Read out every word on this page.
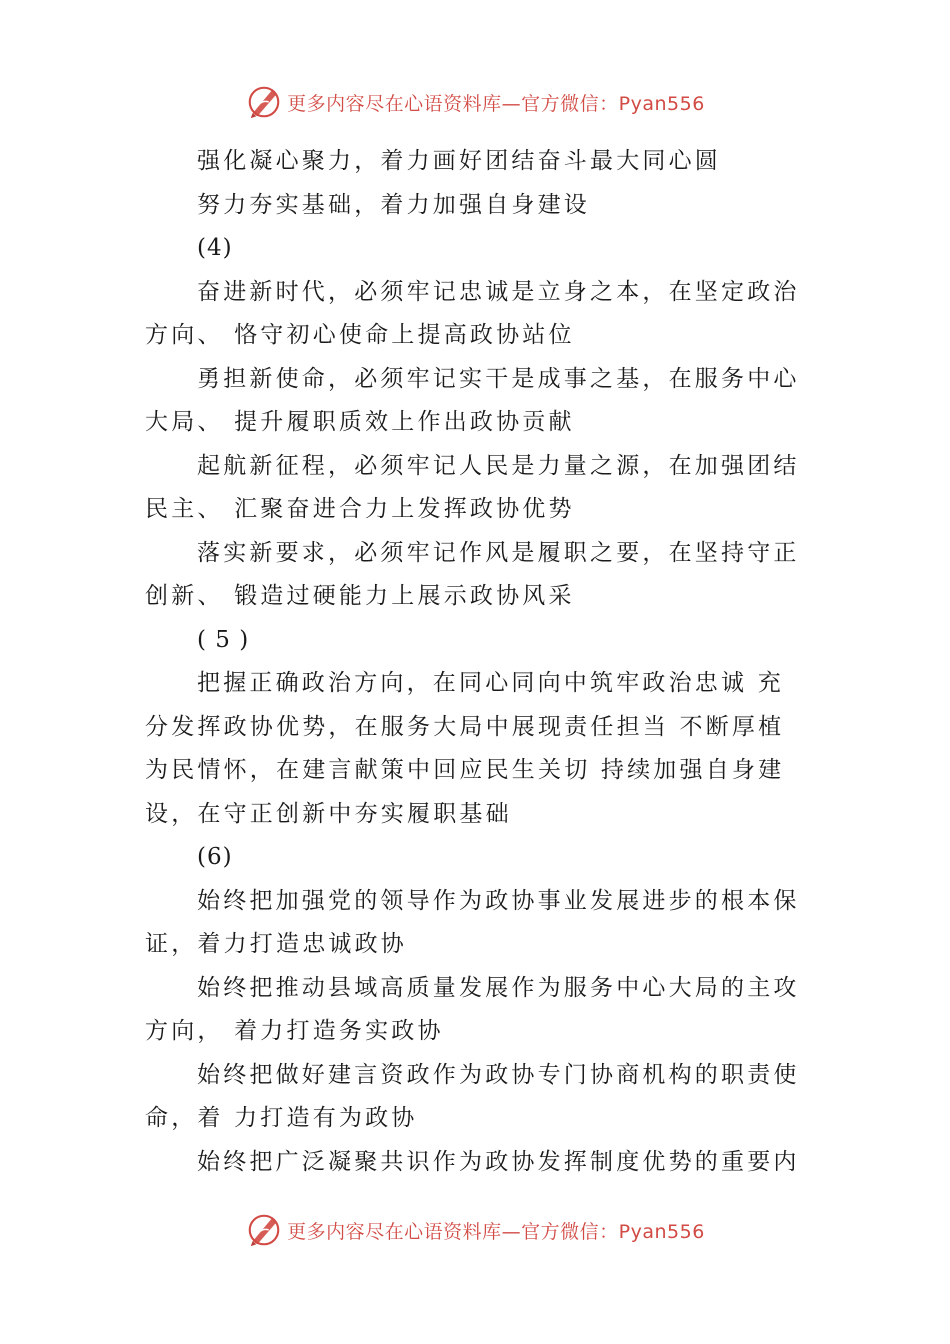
更多内容尽在心语资料库—官方微信：Pyan556

强化凝心聚力，着力画好团结奋斗最大同心圆

努力夯实基础，着力加强自身建设

(4)

奋进新时代，必须牢记忠诚是立身之本，在坚定政治方向、 恪守初心使命上提高政协站位

勇担新使命，必须牢记实干是成事之基，在服务中心大局、 提升履职质效上作出政协贡献

起航新征程，必须牢记人民是力量之源，在加强团结民主、 汇聚奋进合力上发挥政协优势

落实新要求，必须牢记作风是履职之要，在坚持守正创新、 锻造过硬能力上展示政协风采

( 5 )

把握正确政治方向，在同心同向中筑牢政治忠诚 充分发挥政协优势，在服务大局中展现责任担当 不断厚植为民情怀，在建言献策中回应民生关切 持续加强自身建设，在守正创新中夯实履职基础

(6)

始终把加强党的领导作为政协事业发展进步的根本保证，着力打造忠诚政协

始终把推动县域高质量发展作为服务中心大局的主攻方向， 着力打造务实政协

始终把做好建言资政作为政协专门协商机构的职责使命，着 力打造有为政协

始终把广泛凝聚共识作为政协发挥制度优势的重要内

更多内容尽在心语资料库—官方微信：Pyan556
